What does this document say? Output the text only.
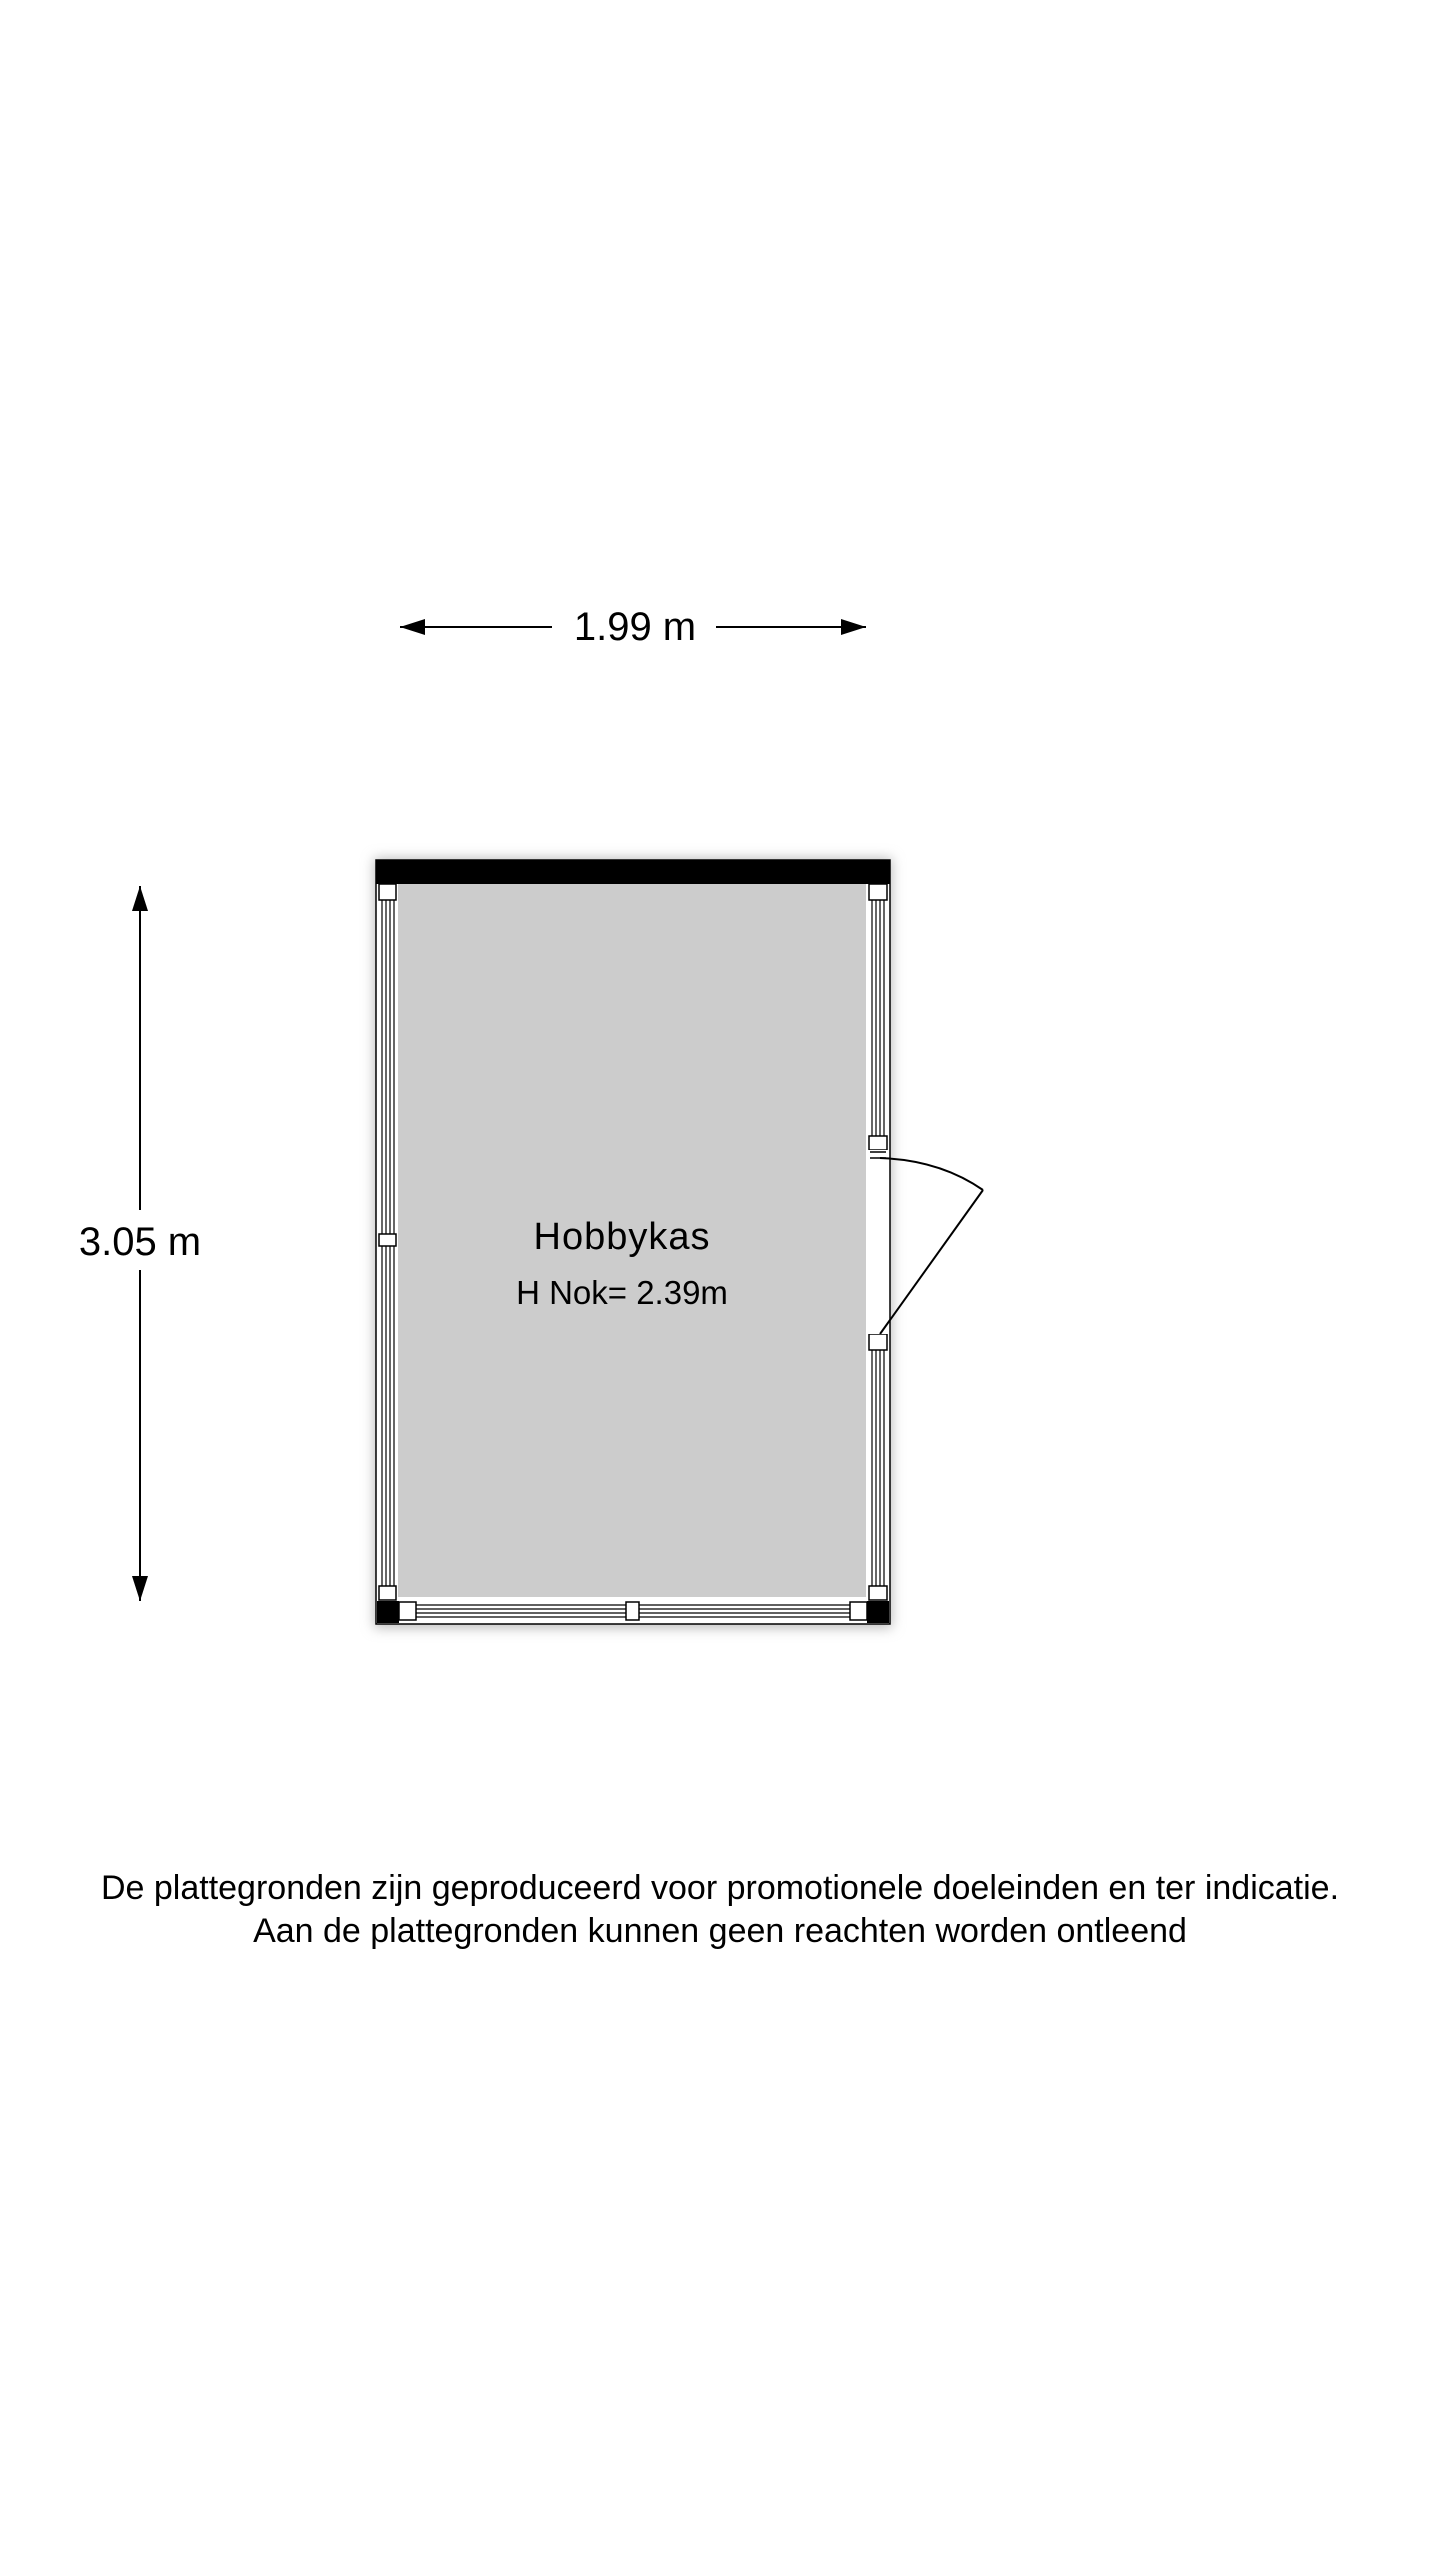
1.99 m
3.05 m	Hobbykas
H Nok= 2.39m
De plattegronden zijn geproduceerd voor promotionele doeleinden en ter indicatie.
Aan de plattegronden kunnen geen reachten worden ontleend
